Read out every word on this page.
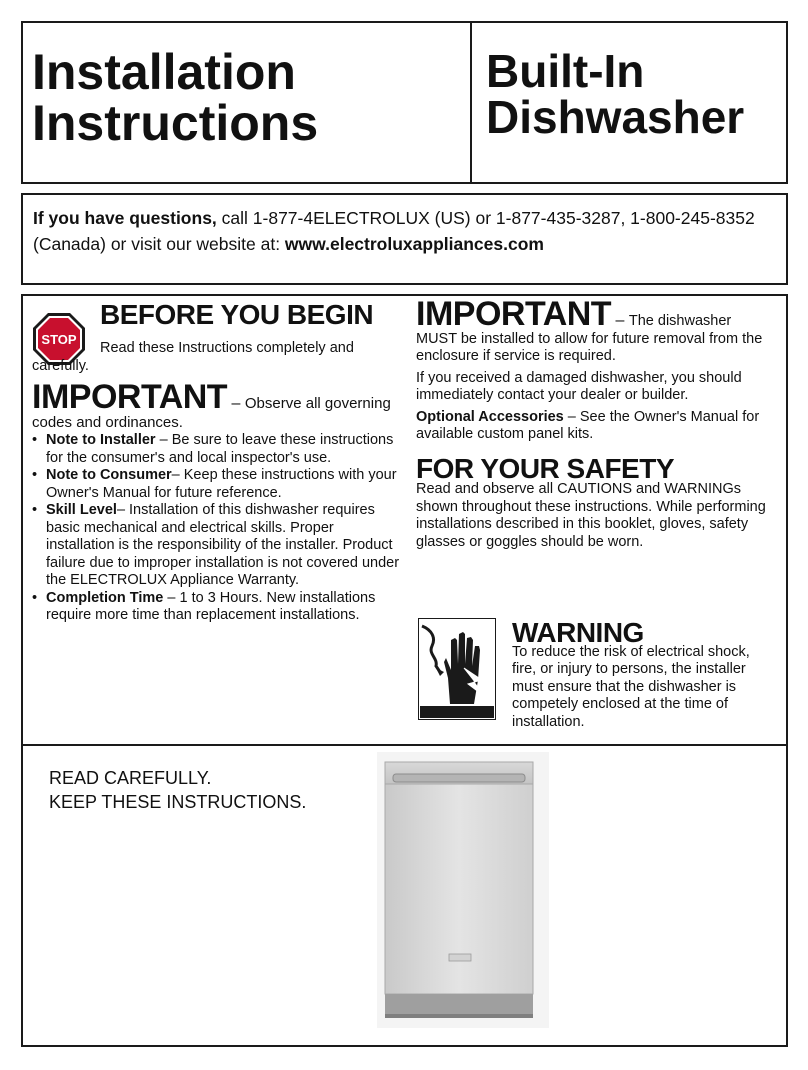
Installation
Instructions
Built-In
Dishwasher
If you have questions, call 1-877-4ELECTROLUX (US) or 1-877-435-3287, 1-800-245-8352 (Canada) or visit our website at: www.electroluxappliances.com
STOP
BEFORE YOU BEGIN
Read these Instructions completely and carefully.
IMPORTANT – Observe all governing codes and ordinances.
• Note to Installer – Be sure to leave these instructions for the consumer's and local inspector's use.
• Note to Consumer– Keep these instructions with your Owner's Manual for future reference.
• Skill Level– Installation of this dishwasher requires basic mechanical and electrical skills. Proper installation is the responsibility of the installer. Product failure due to improper installation is not covered under the ELECTROLUX Appliance Warranty.
• Completion Time – 1 to 3 Hours. New installations require more time than replacement installations.
IMPORTANT – The dishwasher MUST be installed to allow for future removal from the enclosure if service is required.
If you received a damaged dishwasher, you should immediately contact your dealer or builder.
Optional Accessories – See the Owner's Manual for available custom panel kits.
FOR YOUR SAFETY
Read and observe all CAUTIONS and WARNINGs shown throughout these instructions. While performing installations described in this booklet, gloves, safety glasses or goggles should be worn.
WARNING
To reduce the risk of electrical shock, fire, or injury to persons, the installer must ensure that the dishwasher is competely enclosed at the time of installation.
READ CAREFULLY.
KEEP THESE INSTRUCTIONS.
